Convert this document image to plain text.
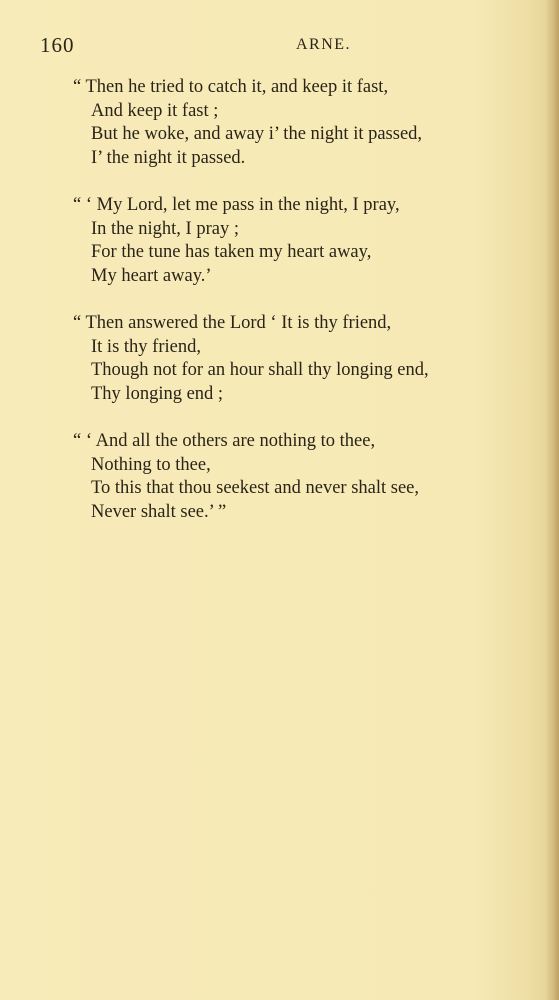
160	ARNE.
“ Then he tried to catch it, and keep it fast,
And keep it fast ;
But he woke, and away i’ the night it passed,
I’ the night it passed.
“ ‘ My Lord, let me pass in the night, I pray,
In the night, I pray ;
For the tune has taken my heart away,
My heart away.’
“ Then answered the Lord ‘ It is thy friend,
It is thy friend,
Though not for an hour shall thy longing end,
Thy longing end ;
“ ‘ And all the others are nothing to thee,
Nothing to thee,
To this that thou seekest and never shalt see,
Never shalt see.’ ”
